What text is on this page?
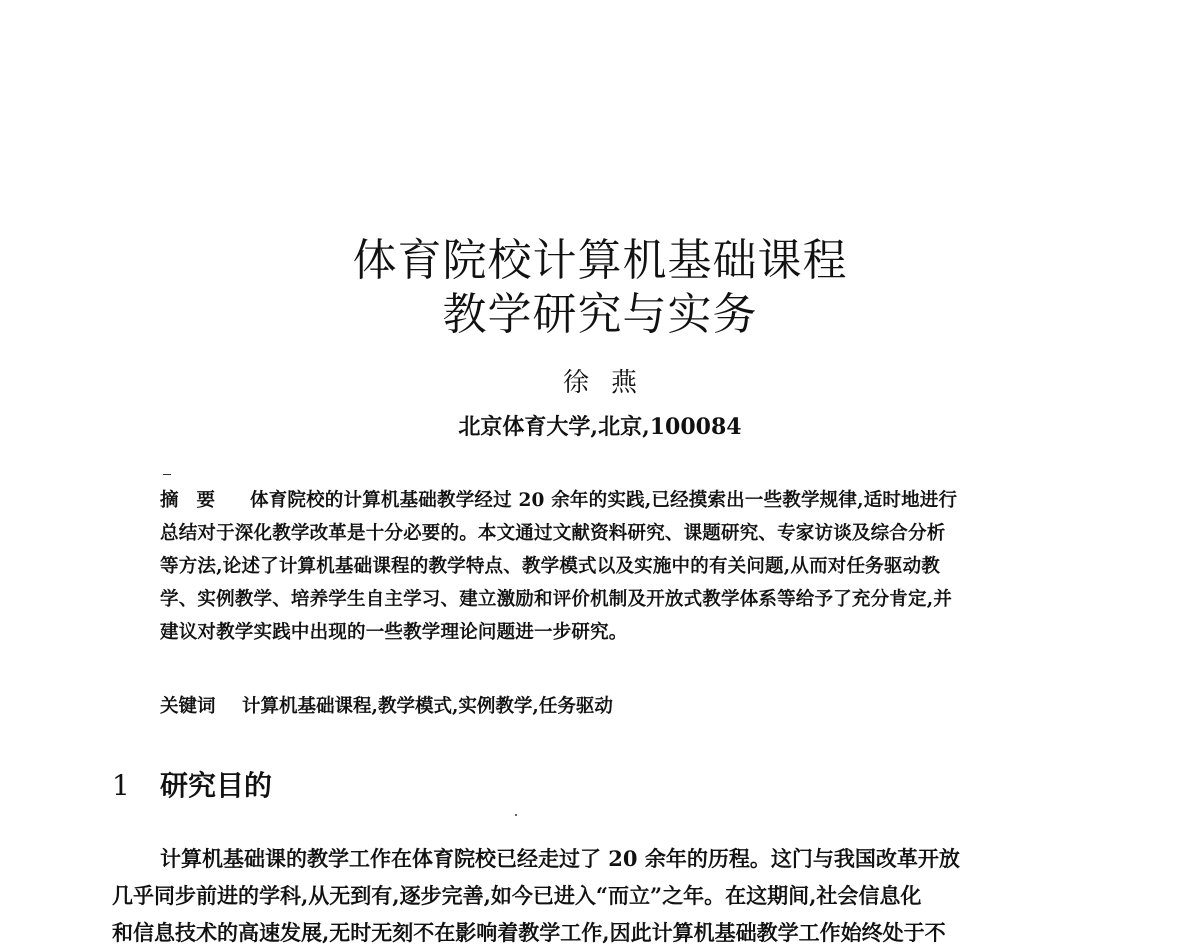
体育院校计算机基础课程
教学研究与实务
徐燕
北京体育大学,北京,100084
摘要 体育院校的计算机基础教学经过 20 余年的实践,已经摸索出一些教学规律,适时地进行
总结对于深化教学改革是十分必要的。本文通过文献资料研究、课题研究、专家访谈及综合分析
等方法,论述了计算机基础课程的教学特点、教学模式以及实施中的有关问题,从而对任务驱动教
学、实例教学、培养学生自主学习、建立激励和评价机制及开放式教学体系等给予了充分肯定,并
建议对教学实践中出现的一些教学理论问题进一步研究。
关键词 计算机基础课程,教学模式,实例教学,任务驱动
1 研究目的
计算机基础课的教学工作在体育院校已经走过了 20 余年的历程。这门与我国改革开放
几乎同步前进的学科,从无到有,逐步完善,如今已进入“而立”之年。在这期间,社会信息化
和信息技术的高速发展,无时无刻不在影响着教学工作,因此计算机基础教学工作始终处于不
